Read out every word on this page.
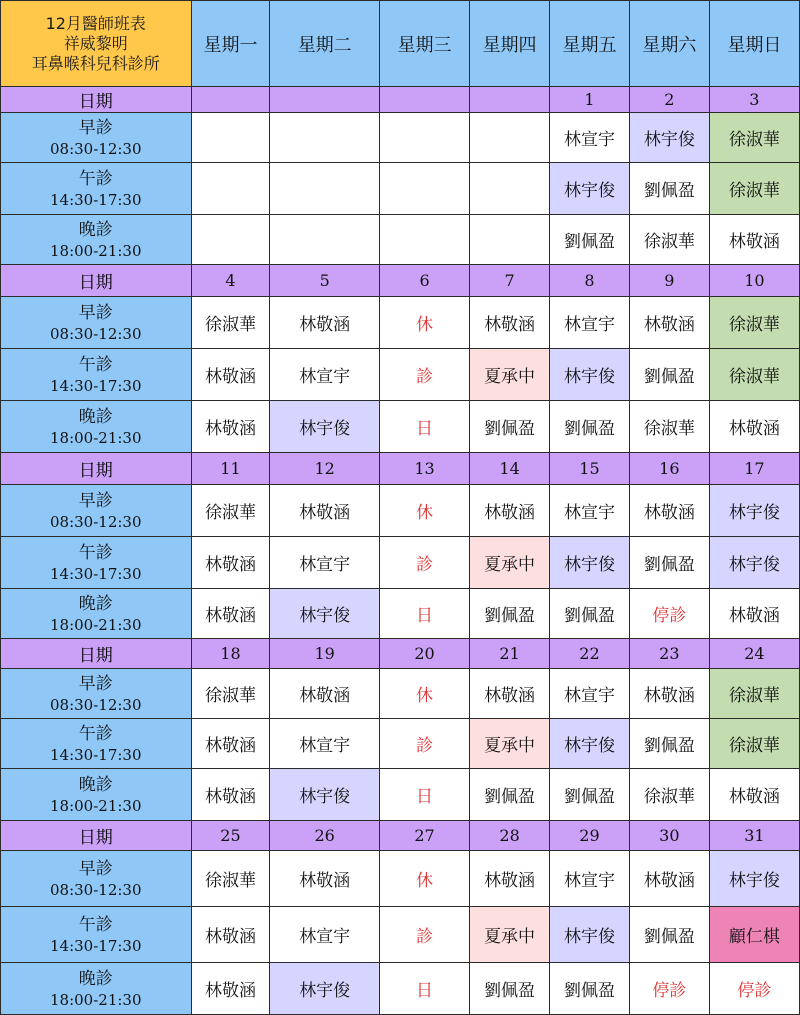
12月醫師班表
祥威黎明
耳鼻喉科兒科診所	星期一	星期二	星期三	星期四	星期五	星期六	星期日
日期					1	2	3

早診
08:30-12:30					林宣宇	林宇俊	徐淑華

午診
14:30-17:30					林宇俊	劉佩盈	徐淑華

晚診
18:00-21:30					劉佩盈	徐淑華	林敬涵
日期	4	5	6	7	8	9	10

早診
08:30-12:30	徐淑華	林敬涵	休	林敬涵	林宣宇	林敬涵	徐淑華

午診
14:30-17:30	林敬涵	林宣宇	診	夏承中	林宇俊	劉佩盈	徐淑華

晚診
18:00-21:30	林敬涵	林宇俊	日	劉佩盈	劉佩盈	徐淑華	林敬涵
日期	11	12	13	14	15	16	17

早診
08:30-12:30	徐淑華	林敬涵	休	林敬涵	林宣宇	林敬涵	林宇俊

午診
14:30-17:30	林敬涵	林宣宇	診	夏承中	林宇俊	劉佩盈	林宇俊

晚診
18:00-21:30	林敬涵	林宇俊	日	劉佩盈	劉佩盈	停診	林敬涵
日期	18	19	20	21	22	23	24

早診
08:30-12:30	徐淑華	林敬涵	休	林敬涵	林宣宇	林敬涵	徐淑華

午診
14:30-17:30	林敬涵	林宣宇	診	夏承中	林宇俊	劉佩盈	徐淑華

晚診
18:00-21:30	林敬涵	林宇俊	日	劉佩盈	劉佩盈	徐淑華	林敬涵
日期	25	26	27	28	29	30	31

早診
08:30-12:30	徐淑華	林敬涵	休	林敬涵	林宣宇	林敬涵	林宇俊

午診
14:30-17:30	林敬涵	林宣宇	診	夏承中	林宇俊	劉佩盈	顧仁棋

晚診
18:00-21:30	林敬涵	林宇俊	日	劉佩盈	劉佩盈	停診	停診
